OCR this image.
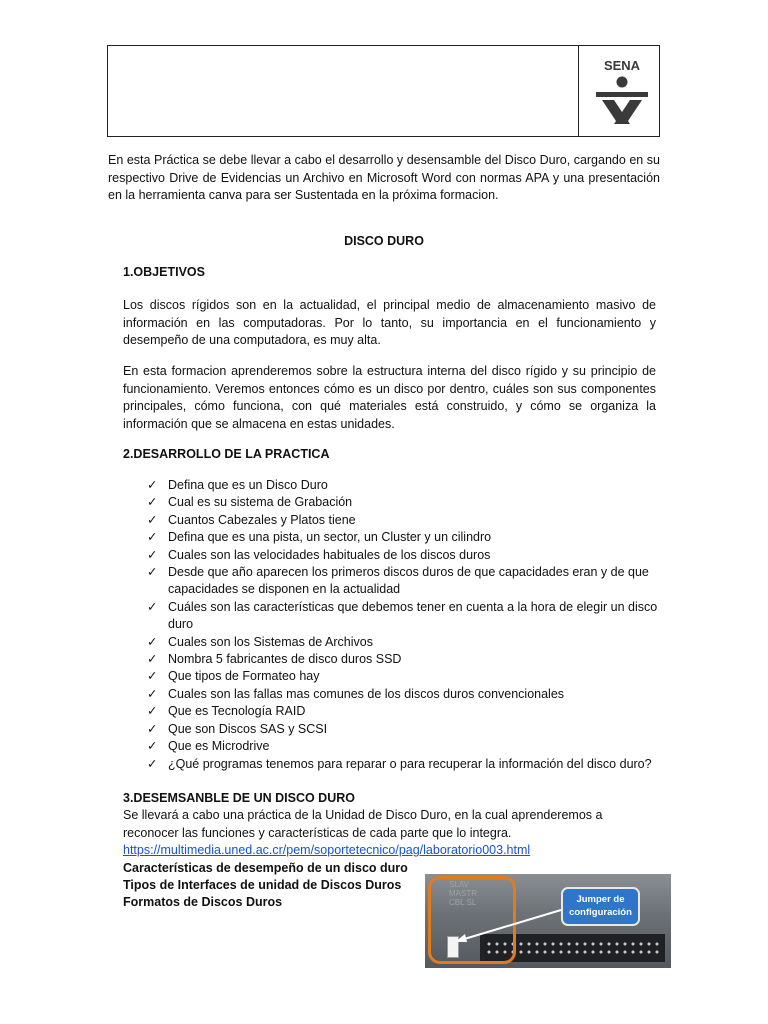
SENA
En esta Práctica se debe llevar a cabo el desarrollo y desensamble del Disco Duro, cargando en su respectivo Drive de Evidencias un Archivo en Microsoft Word con normas APA y una presentación en la herramienta canva para ser Sustentada en la próxima formacion.
DISCO DURO
1.OBJETIVOS
Los discos rígidos son en la actualidad, el principal medio de almacenamiento masivo de información en las computadoras. Por lo tanto, su importancia en el funcionamiento y desempeño de una computadora, es muy alta.
En esta formacion aprenderemos sobre la estructura interna del disco rígido y su principio de funcionamiento. Veremos entonces cómo es un disco por dentro, cuáles son sus componentes principales, cómo funciona, con qué materiales está construido, y cómo se organiza la información que se almacena en estas unidades.
2.DESARROLLO DE LA PRACTICA
✓ Defina que es un Disco Duro
✓ Cual es su sistema de Grabación
✓ Cuantos Cabezales y Platos tiene
✓ Defina que es una pista, un sector, un Cluster y un cilindro
✓ Cuales son las velocidades habituales de los discos duros
✓ Desde que año aparecen los primeros discos duros de que capacidades eran y de que capacidades se disponen en la actualidad
✓ Cuáles son las características que debemos tener en cuenta a la hora de elegir un disco duro
✓ Cuales son los Sistemas de Archivos
✓ Nombra 5 fabricantes de disco duros SSD
✓ Que tipos de Formateo hay
✓ Cuales son las fallas mas comunes de los discos duros convencionales
✓ Que es Tecnología RAID
✓ Que son Discos SAS y SCSI
✓ Que es Microdrive
✓ ¿Qué programas tenemos para reparar o para recuperar la información del disco duro?
3.DESEMSANBLE DE UN DISCO DURO
Se llevará a cabo una práctica de la Unidad de Disco Duro, en la cual aprenderemos a reconocer las funciones y características de cada parte que lo integra.
https://multimedia.uned.ac.cr/pem/soportetecnico/pag/laboratorio003.html
Características de desempeño de un disco duro
Tipos de Interfaces de unidad de Discos Duros
Formatos de Discos Duros
SLAV
MASTR
CBL SL	Jumper de configuración
